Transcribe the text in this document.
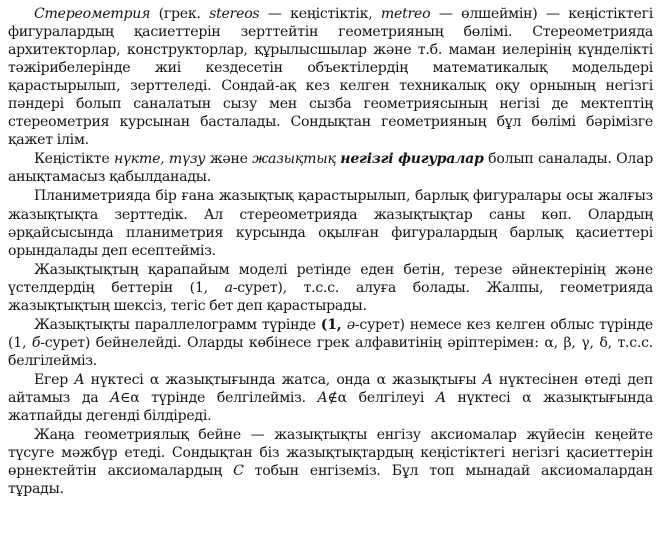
Стереометрия (грек. stereos — кеңістіктік, metreo — өлшеймін) — кеңістіктегі фигуралардың қасиеттерін зерттейтін геометрияның бөлімі. Стереометрияда архитекторлар, конструкторлар, құрылысшылар және т.б. маман иелерінің күнделікті тәжірибелерінде жиі кездесетін объектілердің математикалық модельдері қарастырылып, зерттеледі. Сондай-ақ кез келген техникалық оқу орнының негізгі пәндері болып саналатын сызу мен сызба геометриясының негізі де мектептің стереометрия курсынан басталады. Сондықтан геометрияның бұл бөлімі бәрімізге қажет ілім.

Кеңістікте нүкте, түзу және жазықтық негізгі фигуралар болып саналады. Олар анықтамасыз қабылданады.

Планиметрияда бір ғана жазықтық қарастырылып, барлық фигуралары осы жалғыз жазықтықта зерттедік. Ал стереометрияда жазықтықтар саны көп. Олардың әрқайсысында планиметрия курсында оқылған фигуралардың барлық қасиеттері орындалады деп есептейміз.

Жазықтықтың қарапайым моделі ретінде еден бетін, терезе әйнектерінің және үстелдердің беттерін (1, а-сурет), т.с.с. алуға болады. Жалпы, геометрияда жазықтықтың шексіз, тегіс бет деп қарастырады.

Жазықтықты параллелограмм түрінде (1, ә-сурет) немесе кез келген облыс түрінде (1, б-сурет) бейнелейді. Оларды көбінесе грек алфавитінің әріптерімен: α, β, γ, δ, т.с.с. белгілейміз.

Егер A нүктесі α жазықтығында жатса, онда α жазықтығы A нүктесінен өтеді деп айтамыз да A∈α түрінде белгілейміз. A∉α белгілеуі A нүктесі α жазықтығында жатпайды дегенді білдіреді.

Жаңа геометриялық бейне — жазықтықты енгізу аксиомалар жүйесін кеңейте түсуге мәжбүр етеді. Сондықтан біз жазықтықтардың кеңістіктегі негізгі қасиеттерін өрнектейтін аксиомалардың С тобын енгіземіз. Бұл топ мынадай аксиомалардан тұрады.
